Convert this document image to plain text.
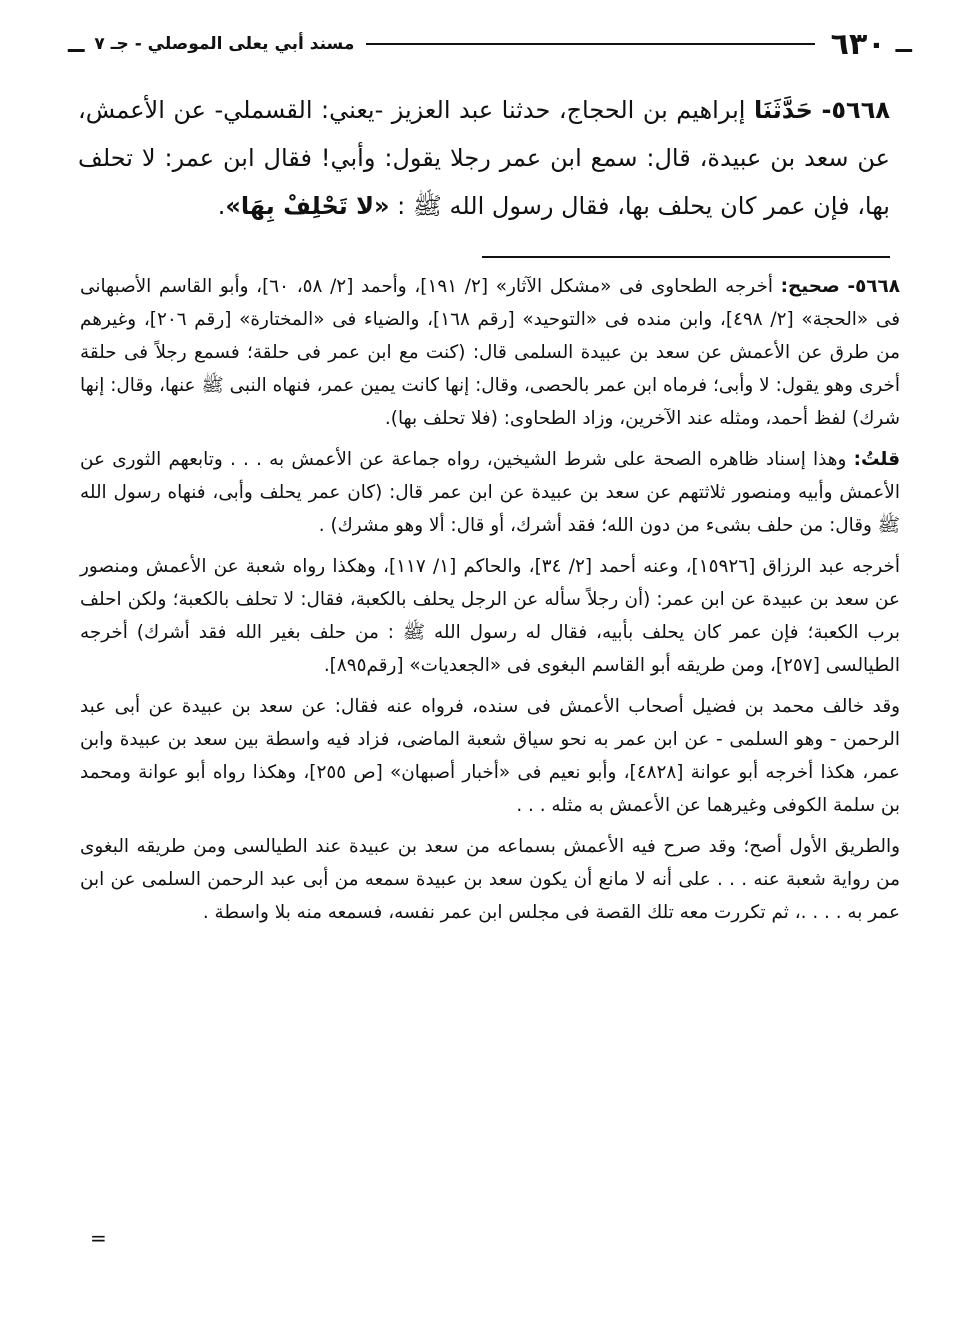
ــ
٦٣٠
مسند أبي يعلى الموصلي - جـ ٧
ــ
٥٦٦٨- حَدَّثَنَا إبراهيم بن الحجاج، حدثنا عبد العزيز -يعني: القسملي- عن الأعمش، عن سعد بن عبيدة، قال: سمع ابن عمر رجلا يقول: وأبي! فقال ابن عمر: لا تحلف بها، فإن عمر كان يحلف بها، فقال رسول الله ﷺ : «لا تَحْلِفْ بِهَا».

٥٦٦٨- صحيح: أخرجه الطحاوى فى «مشكل الآثار» [٢/ ١٩١]، وأحمد [٢/ ٥٨، ٦٠]، وأبو القاسم الأصبهانى فى «الحجة» [٢/ ٤٩٨]، وابن منده فى «التوحيد» [رقم ١٦٨]، والضياء فى «المختارة» [رقم ٢٠٦]، وغيرهم من طرق عن الأعمش عن سعد بن عبيدة السلمى قال: (كنت مع ابن عمر فى حلقة؛ فسمع رجلاً فى حلقة أخرى وهو يقول: لا وأبى؛ فرماه ابن عمر بالحصى، وقال: إنها كانت يمين عمر، فنهاه النبى ﷺ عنها، وقال: إنها شرك) لفظ أحمد، ومثله عند الآخرين، وزاد الطحاوى: (فلا تحلف بها).

قلتُ: وهذا إسناد ظاهره الصحة على شرط الشيخين، رواه جماعة عن الأعمش به . . . وتابعهم الثورى عن الأعمش وأبيه ومنصور ثلاثتهم عن سعد بن عبيدة عن ابن عمر قال: (كان عمر يحلف وأبى، فنهاه رسول الله ﷺ وقال: من حلف بشىء من دون الله؛ فقد أشرك، أو قال: ألا وهو مشرك) .

أخرجه عبد الرزاق [١٥٩٢٦]، وعنه أحمد [٢/ ٣٤]، والحاكم [١/ ١١٧]، وهكذا رواه شعبة عن الأعمش ومنصور عن سعد بن عبيدة عن ابن عمر: (أن رجلاً سأله عن الرجل يحلف بالكعبة، فقال: لا تحلف بالكعبة؛ ولكن احلف برب الكعبة؛ فإن عمر كان يحلف بأبيه، فقال له رسول الله ﷺ : من حلف بغير الله فقد أشرك) أخرجه الطيالسى [٢٥٧]، ومن طريقه أبو القاسم البغوى فى «الجعديات» [رقم٨٩٥].

وقد خالف محمد بن فضيل أصحاب الأعمش فى سنده، فرواه عنه فقال: عن سعد بن عبيدة عن أبى عبد الرحمن - وهو السلمى - عن ابن عمر به نحو سياق شعبة الماضى، فزاد فيه واسطة بين سعد بن عبيدة وابن عمر، هكذا أخرجه أبو عوانة [٤٨٢٨]، وأبو نعيم فى «أخبار أصبهان» [ص ٢٥٥]، وهكذا رواه أبو عوانة ومحمد بن سلمة الكوفى وغيرهما عن الأعمش به مثله . . .

والطريق الأول أصح؛ وقد صرح فيه الأعمش بسماعه من سعد بن عبيدة عند الطيالسى ومن طريقه البغوى من رواية شعبة عنه . . . على أنه لا مانع أن يكون سعد بن عبيدة سمعه من أبى عبد الرحمن السلمى عن ابن عمر به . . . .، ثم تكررت معه تلك القصة فى مجلس ابن عمر نفسه، فسمعه منه بلا واسطة .

=
